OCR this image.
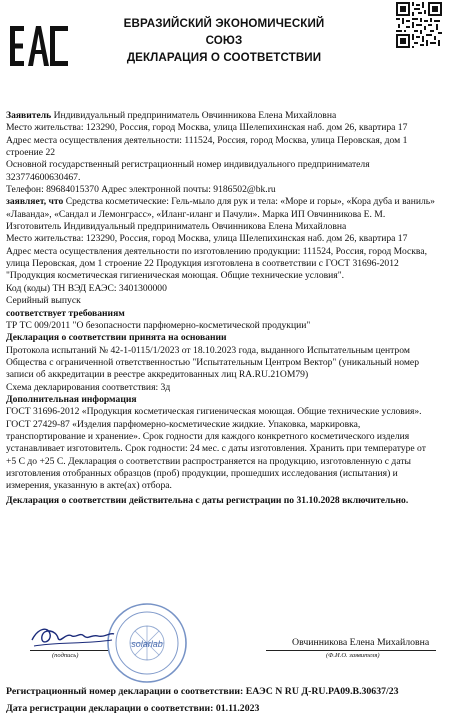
ЕВРАЗИЙСКИЙ ЭКОНОМИЧЕСКИЙ СОЮЗ
ДЕКЛАРАЦИЯ О СООТВЕТСТВИИ

Заявитель Индивидуальный предприниматель Овчинникова Елена Михайловна

Место жительства: 123290, Россия, город Москва, улица Шелепихинская наб. дом 26, квартира 17

Адрес места осуществления деятельности: 111524, Россия, город Москва, улица Перовская, дом 1 строение 22

Основной государственный регистрационный номер индивидуального предпринимателя 323774600630467.

Телефон: 89684015370 Адрес электронной почты: 9186502@bk.ru

заявляет, что Средства косметические: Гель-мыло для рук и тела: «Море и горы», «Кора дуба и ваниль» «Лаванда», «Сандал и Лемонграсс», «Иланг-иланг и Пачули». Марка ИП Овчинникова Е. М.

Изготовитель Индивидуальный предприниматель Овчинникова Елена Михайловна

Место жительства: 123290, Россия, город Москва, улица Шелепихинская наб. дом 26, квартира 17

Адрес места осуществления деятельности по изготовлению продукции: 111524, Россия, город Москва, улица Перовская, дом 1 строение 22 Продукция изготовлена в соответствии с ГОСТ 31696-2012 "Продукция косметическая гигиеническая моющая. Общие технические условия".

Код (коды) ТН ВЭД ЕАЭС: 3401300000

Серийный выпуск

соответствует требованиям

ТР ТС 009/2011 "О безопасности парфюмерно-косметической продукции"

Декларация о соответствии принята на основании

Протокола испытаний № 42-1-0115/1/2023 от 18.10.2023 года, выданного Испытательным центром Общества с ограниченной ответственностью "Испытательным Центром Вектор" (уникальный номер записи об аккредитации в реестре аккредитованных лиц RA.RU.21ОМ79)

Схема декларирования соответствия: 3д

Дополнительная информация

ГОСТ 31696-2012 «Продукция косметическая гигиеническая моющая. Общие технические условия». ГОСТ 27429-87 «Изделия парфюмерно-косметические жидкие. Упаковка, маркировка, транспортирование и хранение». Срок годности для каждого конкретного косметического изделия устанавливает изготовитель. Срок годности: 24 мес. с даты изготовления. Хранить при температуре от +5 С до +25 С. Декларация о соответствии распространяется на продукцию, изготовленную с даты изготовления отобранных образцов (проб) продукции, прошедших исследования (испытания) и измерения, указанную в акте(ах) отбора.

Декларация о соответствии действительна с даты регистрации по 31.10.2028 включительно.

solarlab
(подпись)
Овчинникова Елена Михайловна
(Ф.И.О. заявителя)
Регистрационный номер декларации о соответствии: ЕАЭС N RU Д-RU.PA09.B.30637/23
Дата регистрации декларации о соответствии: 01.11.2023
